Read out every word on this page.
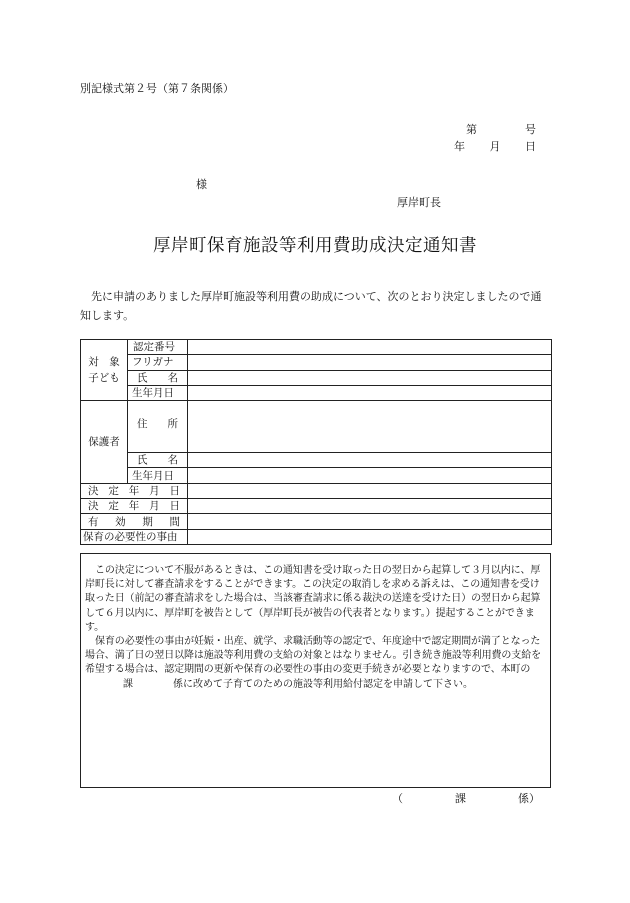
別記様式第２号（第７条関係）
第	号
年 月 日
様
厚岸町長
厚岸町保育施設等利用費助成決定通知書
先に申請のありました厚岸町施設等利用費の助成について、次のとおり決定しましたので通知します。
対　象
子ども	認定番号	

	フリガナ	

	氏 名	

	生年月日	
保護者	住 所	

	氏 名	

	生年月日	

決 定 年 月 日		

決 定 年 月 日		

有 効 期 間		

保育の必要性の事由		

この決定について不服があるときは、この通知書を受け取った日の翌日から起算して３月以内に、厚岸町長に対して審査請求をすることができます。この決定の取消しを求める訴えは、この通知書を受け取った日（前記の審査請求をした場合は、当該審査請求に係る裁決の送達を受けた日）の翌日から起算して６月以内に、厚岸町を被告として（厚岸町長が被告の代表者となります。）提起することができます。

保育の必要性の事由が妊娠・出産、就学、求職活動等の認定で、年度途中で認定期間が満了となった場合、満了日の翌日以降は施設等利用費の支給の対象とはなりません。引き続き施設等利用費の支給を希望する場合は、認定期間の更新や保育の必要性の事由の変更手続きが必要となりますので、本町の

課	係に改めて子育てのための施設等利用給付認定を申請して下さい。
（	課	係）
